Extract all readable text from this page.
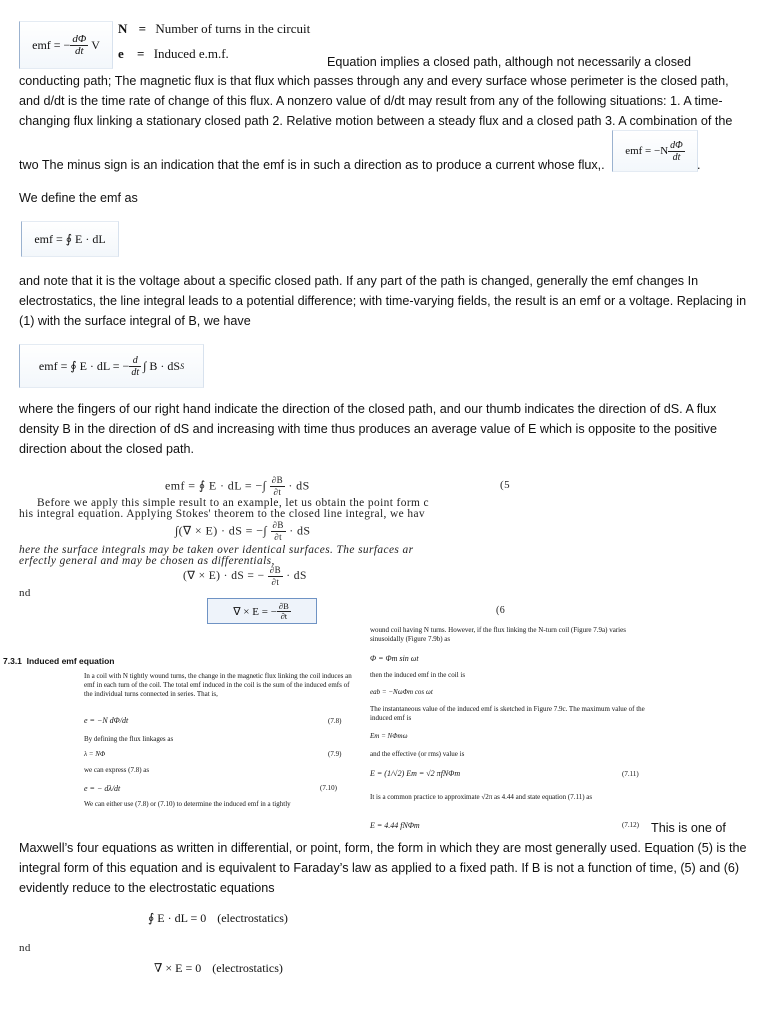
emf = − $\frac{d\Phi}{dt}$ V
N = Number of turns in the circuit
e = Induced e.m.f.
Equation implies a closed path, although not necessarily a closed
conducting path; The magnetic flux is that flux which passes through any and every surface whose perimeter is the closed path, and d/dt is the time rate of change of this flux. A nonzero value of d/dt may result from any of the following situations: 1. A time-changing flux linking a stationary closed path 2. Relative motion between a steady flux and a closed path 3. A combination of the
emf = $-N \frac{d\Phi}{dt}$
two The minus sign is an indication that the emf is in such a direction as to produce a current whose flux,.	.
We define the emf as
emf = ∮ E · dL
and note that it is the voltage about a specific closed path. If any part of the path is changed, generally the emf changes In electrostatics, the line integral leads to a potential difference; with time-varying fields, the result is an emf or a voltage. Replacing in (1) with the surface integral of B, we have
emf = ∮ E · dL = − $\frac{d}{dt}$ ∫ B · dS S
where the fingers of our right hand indicate the direction of the closed path, and our thumb indicates the direction of dS. A flux density B in the direction of dS and increasing with time thus produces an average value of E which is opposite to the positive direction about the closed path.
emf = ∮ E · dL = −∫ $\frac{\partial B}{\partial t}$ · dS	(5
Before we apply this simple result to an example, let us obtain the point form c
his integral equation. Applying Stokes' theorem to the closed line integral, we hav
∫(∇ × E) · dS = −∫ $\frac{\partial B}{\partial t}$ · dS
here the surface integrals may be taken over identical surfaces. The surfaces ar
erfectly general and may be chosen as differentials,
(∇ × E) · dS = − $\frac{\partial B}{\partial t}$ · dS
nd
∇ × E = − $\frac{\partial B}{\partial t}$	(6
7.3.1  Induced emf equation
In a coil with N tightly wound turns, the change in the magnetic flux linking the coil induces an emf in each turn of the coil. The total emf induced in the coil is the sum of the induced emfs of the individual turns connected in series. That is,
e = −N dΦ/dt	(7.8)
By defining the flux linkages as
λ = NΦ	(7.9)
we can express (7.8) as
e = − dλ/dt	(7.10)
We can either use (7.8) or (7.10) to determine the induced emf in a tightly
wound coil having N turns. However, if the flux linking the N-turn coil (Figure 7.9a) varies sinusoidally (Figure 7.9b) as
Φ = Φm sin ωt
then the induced emf in the coil is
eab = −NωΦm cos ωt
The instantaneous value of the induced emf is sketched in Figure 7.9c. The maximum value of the induced emf is
Em = NΦmω
and the effective (or rms) value is
E = (1/√2) Em = √2 πfNΦm	(7.11)
It is a common practice to approximate √2π as 4.44 and state equation (7.11) as
E = 4.44 fNΦm	(7.12) This is one of
Maxwell’s four equations as written in differential, or point, form, the form in which they are most generally used. Equation (5) is the integral form of this equation and is equivalent to Faraday’s law as applied to a fixed path. If B is not a function of time, (5) and (6) evidently reduce to the electrostatic equations
∮ E · dL = 0 (electrostatics)
nd
∇ × E = 0 (electrostatics)
